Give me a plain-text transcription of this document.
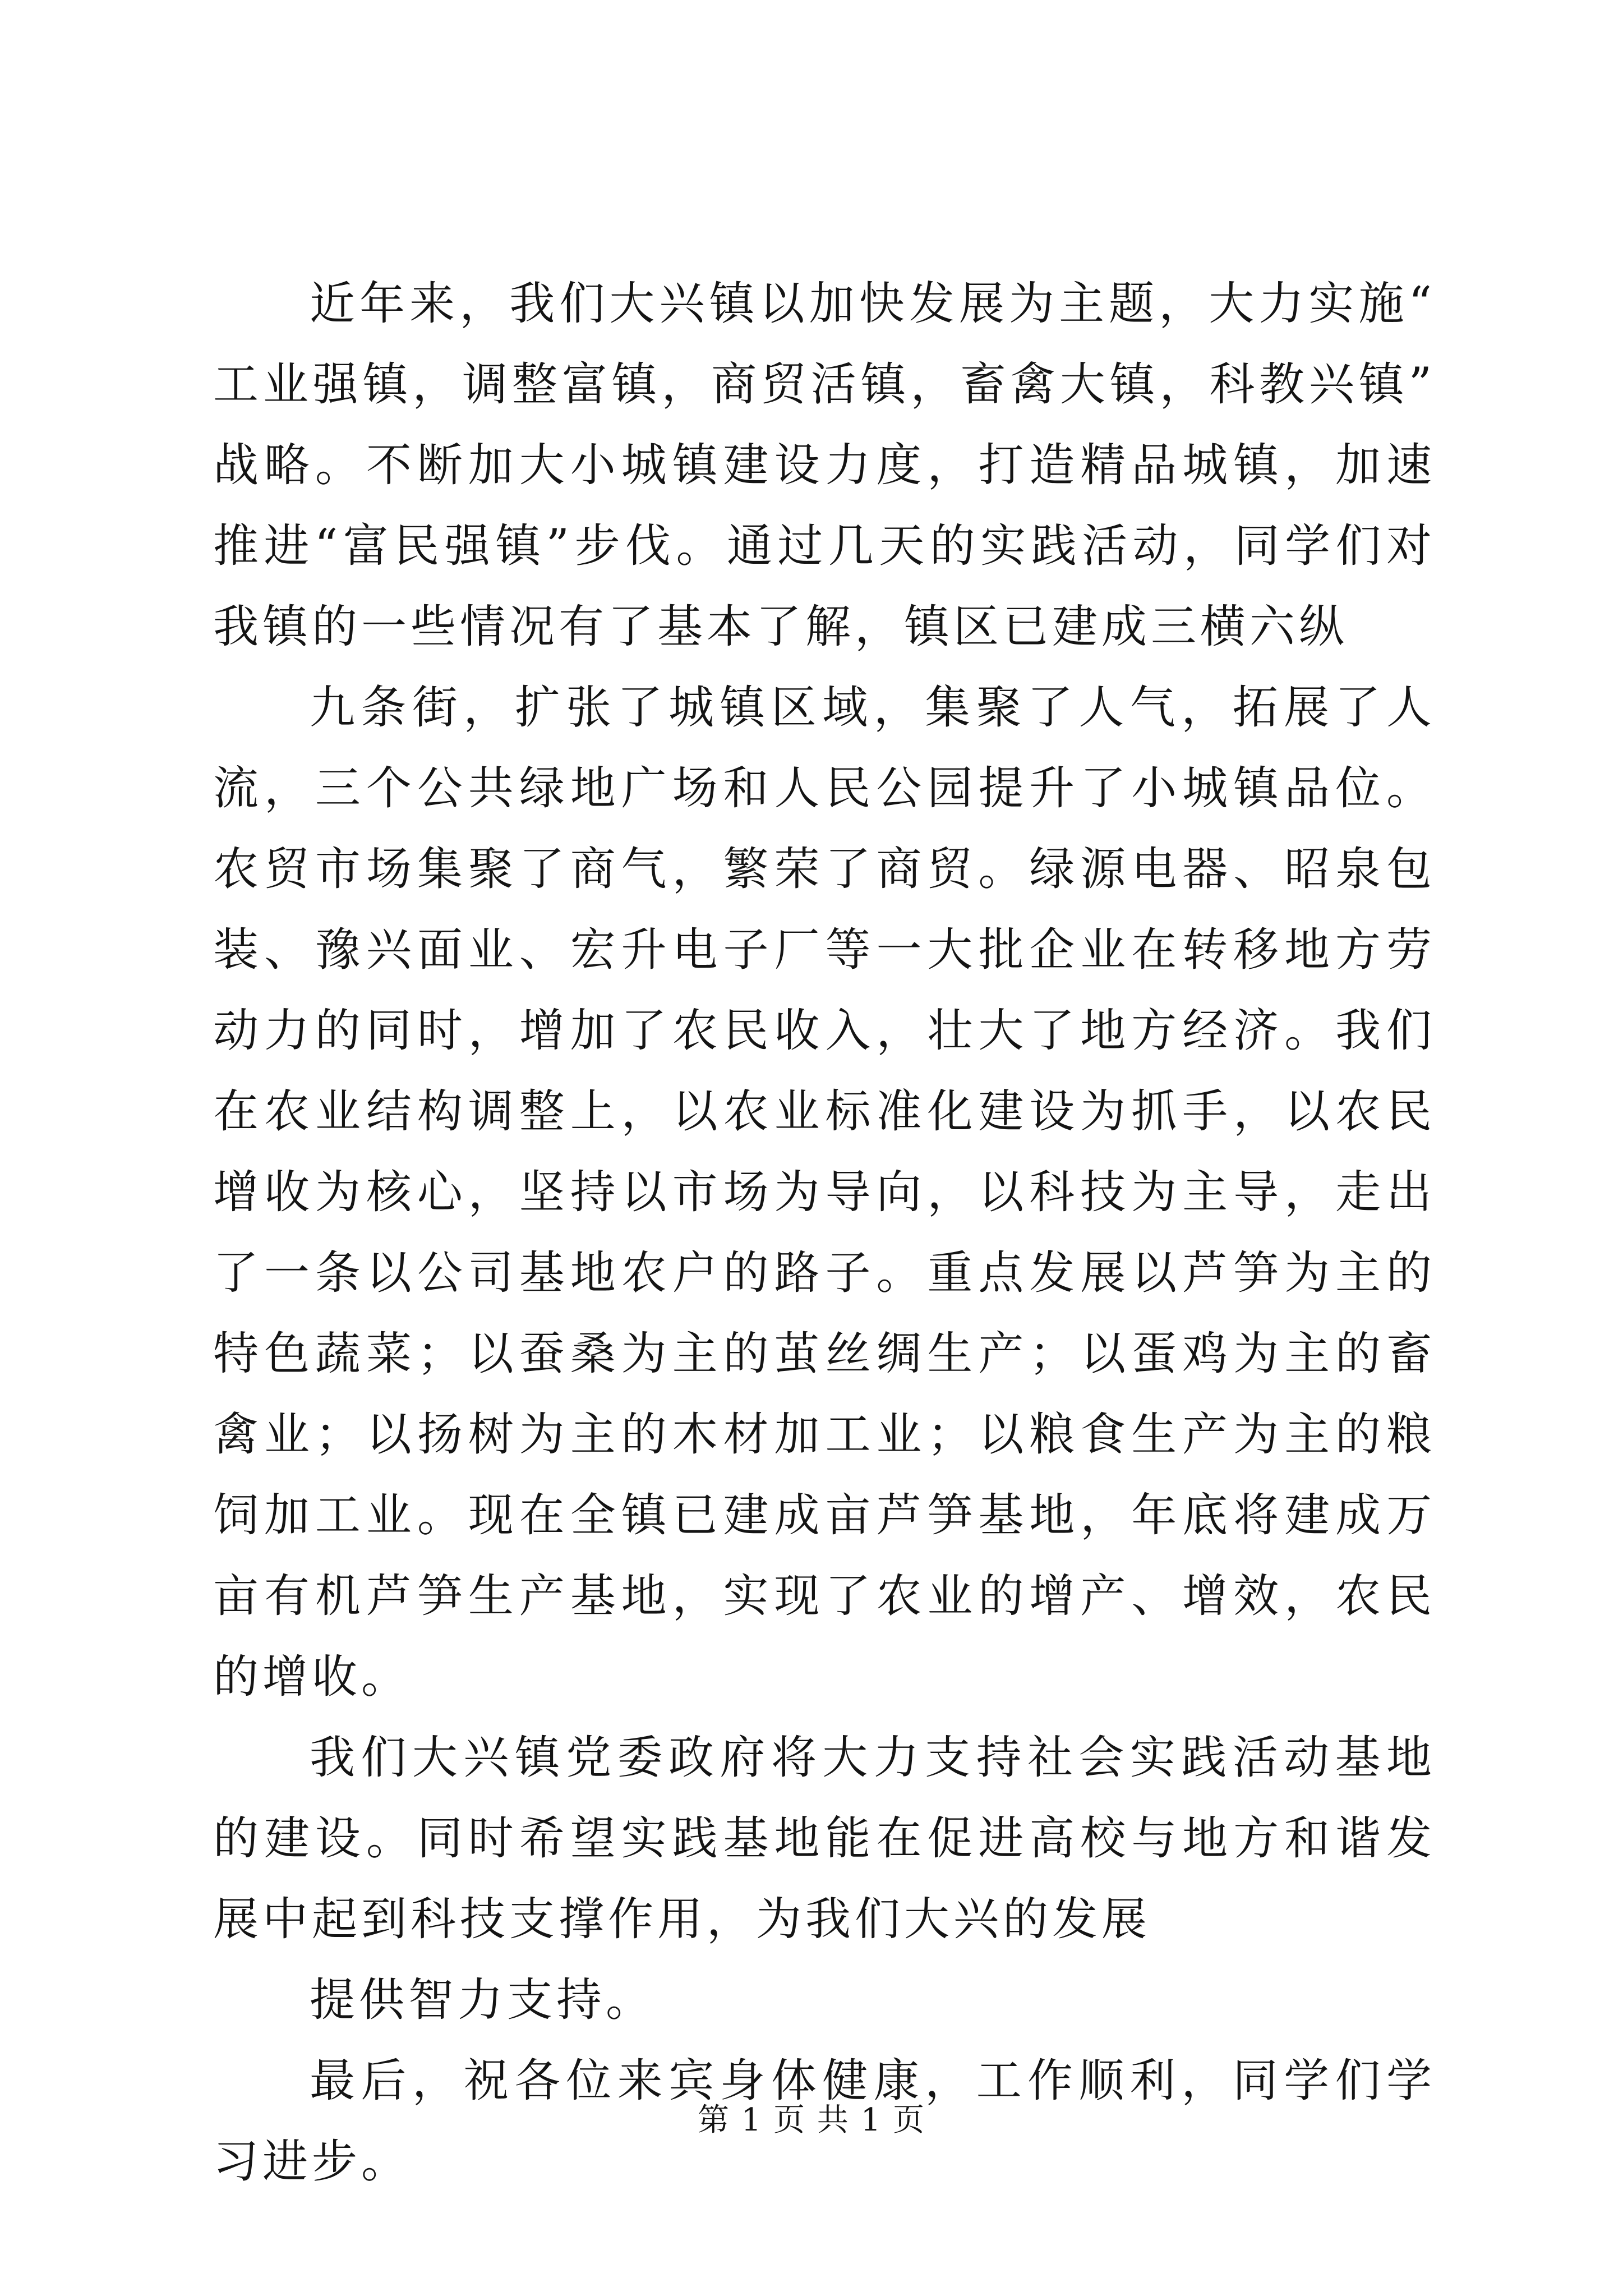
近年来，我们大兴镇以加快发展为主题，大力实施“工业强镇，调整富镇，商贸活镇，畜禽大镇，科教兴镇”战略。不断加大小城镇建设力度，打造精品城镇，加速推进“富民强镇”步伐。通过几天的实践活动，同学们对我镇的一些情况有了基本了解，镇区已建成三横六纵

九条街，扩张了城镇区域，集聚了人气，拓展了人流，三个公共绿地广场和人民公园提升了小城镇品位。农贸市场集聚了商气，繁荣了商贸。绿源电器、昭泉包装、豫兴面业、宏升电子厂等一大批企业在转移地方劳动力的同时，增加了农民收入，壮大了地方经济。我们在农业结构调整上，以农业标准化建设为抓手，以农民增收为核心，坚持以市场为导向，以科技为主导，走出了一条以公司基地农户的路子。重点发展以芦笋为主的特色蔬菜；以蚕桑为主的茧丝绸生产；以蛋鸡为主的畜禽业；以扬树为主的木材加工业；以粮食生产为主的粮饲加工业。现在全镇已建成亩芦笋基地，年底将建成万亩有机芦笋生产基地，实现了农业的增产、增效，农民的增收。

我们大兴镇党委政府将大力支持社会实践活动基地的建设。同时希望实践基地能在促进高校与地方和谐发展中起到科技支撑作用，为我们大兴的发展

提供智力支持。

最后，祝各位来宾身体健康，工作顺利，同学们学习进步。

第 1 页 共 1 页
